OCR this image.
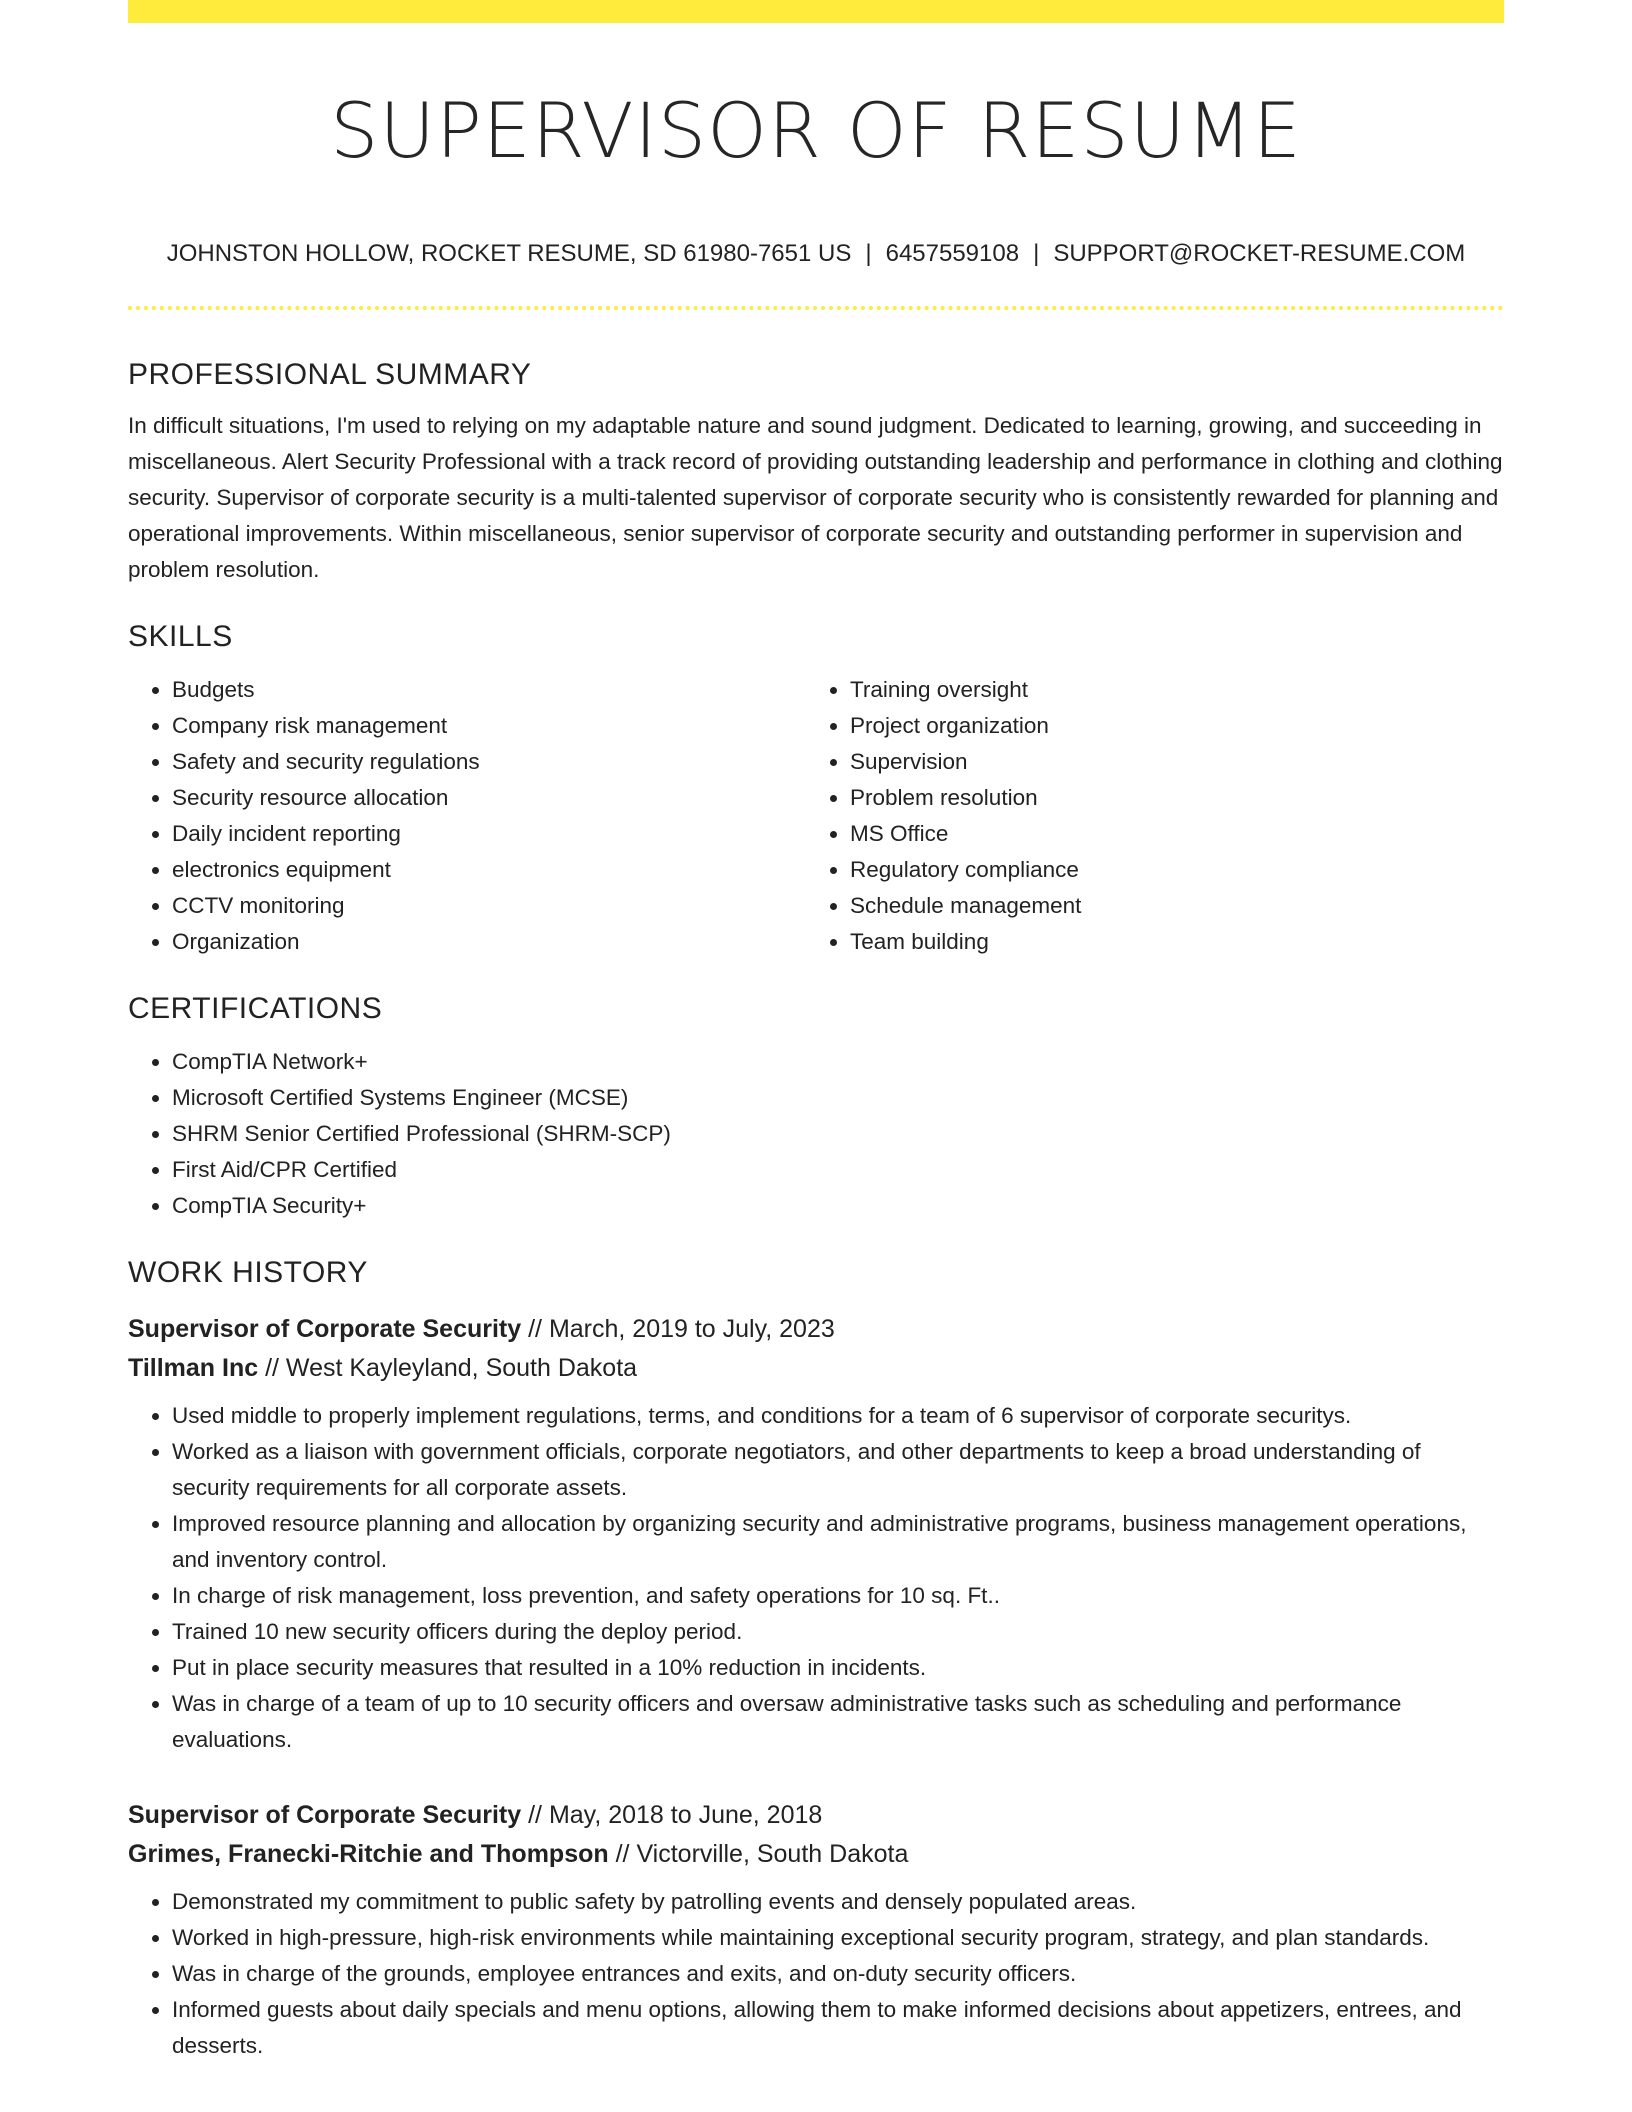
SUPERVISOR OF RESUME
JOHNSTON HOLLOW, ROCKET RESUME, SD 61980-7651 US | 6457559108 | SUPPORT@ROCKET-RESUME.COM
PROFESSIONAL SUMMARY

In difficult situations, I'm used to relying on my adaptable nature and sound judgment. Dedicated to learning, growing, and succeeding in miscellaneous. Alert Security Professional with a track record of providing outstanding leadership and performance in clothing and clothing security. Supervisor of corporate security is a multi-talented supervisor of corporate security who is consistently rewarded for planning and operational improvements. Within miscellaneous, senior supervisor of corporate security and outstanding performer in supervision and problem resolution.

SKILLS
• Budgets
• Company risk management
• Safety and security regulations
• Security resource allocation
• Daily incident reporting
• electronics equipment
• CCTV monitoring
• Organization
• Training oversight
• Project organization
• Supervision
• Problem resolution
• MS Office
• Regulatory compliance
• Schedule management
• Team building
CERTIFICATIONS
• CompTIA Network+
• Microsoft Certified Systems Engineer (MCSE)
• SHRM Senior Certified Professional (SHRM-SCP)
• First Aid/CPR Certified
• CompTIA Security+
WORK HISTORY
Supervisor of Corporate Security // March, 2019 to July, 2023
Tillman Inc // West Kayleyland, South Dakota
• Used middle to properly implement regulations, terms, and conditions for a team of 6 supervisor of corporate securitys.
• Worked as a liaison with government officials, corporate negotiators, and other departments to keep a broad understanding of security requirements for all corporate assets.
• Improved resource planning and allocation by organizing security and administrative programs, business management operations, and inventory control.
• In charge of risk management, loss prevention, and safety operations for 10 sq. Ft..
• Trained 10 new security officers during the deploy period.
• Put in place security measures that resulted in a 10% reduction in incidents.
• Was in charge of a team of up to 10 security officers and oversaw administrative tasks such as scheduling and performance evaluations.
Supervisor of Corporate Security // May, 2018 to June, 2018
Grimes, Franecki-Ritchie and Thompson // Victorville, South Dakota
• Demonstrated my commitment to public safety by patrolling events and densely populated areas.
• Worked in high-pressure, high-risk environments while maintaining exceptional security program, strategy, and plan standards.
• Was in charge of the grounds, employee entrances and exits, and on-duty security officers.
• Informed guests about daily specials and menu options, allowing them to make informed decisions about appetizers, entrees, and desserts.
